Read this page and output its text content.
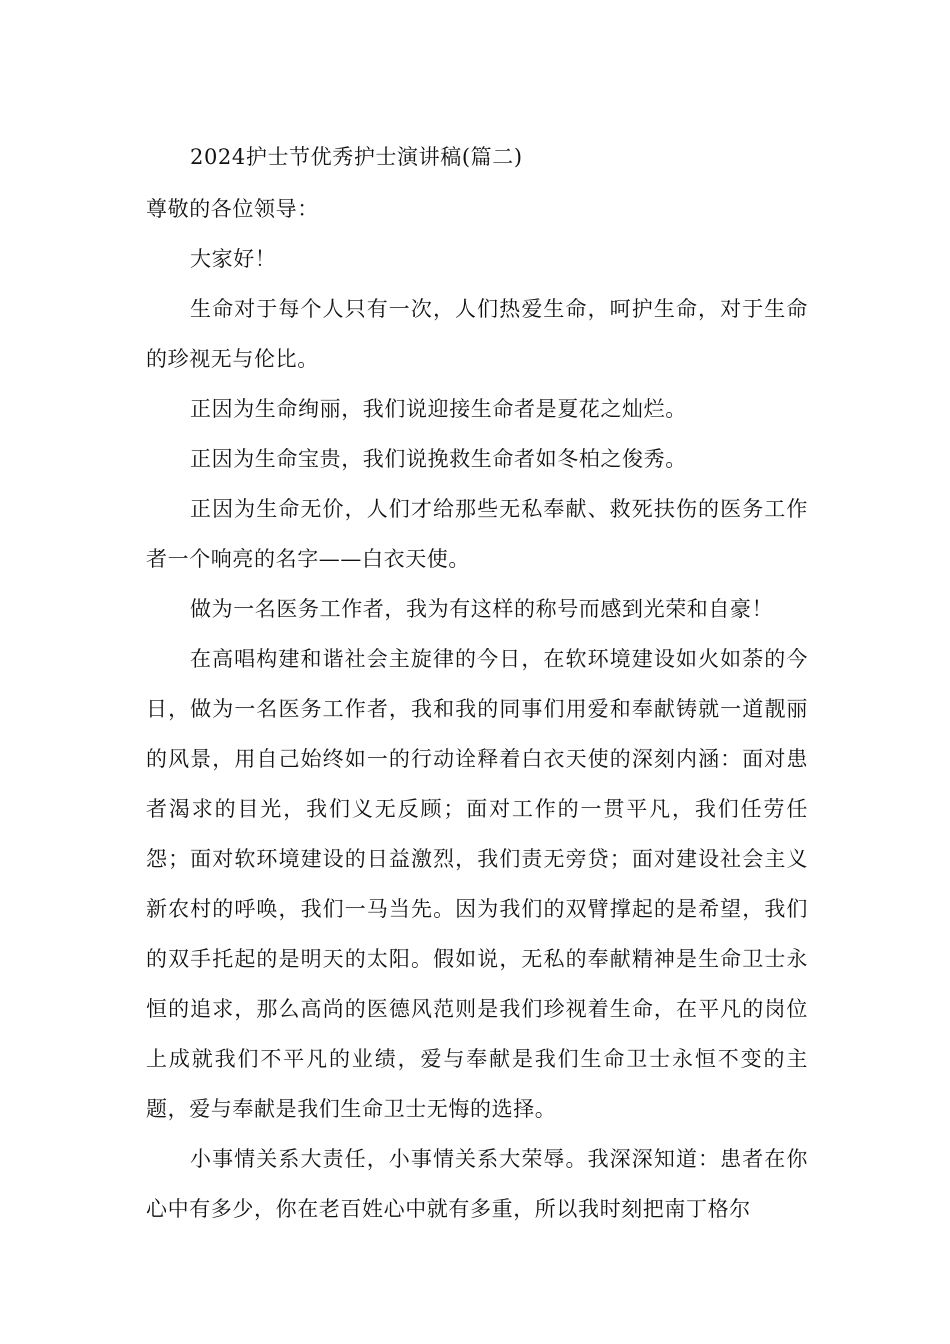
2024护士节优秀护士演讲稿(篇二)

尊敬的各位领导：

大家好！

生命对于每个人只有一次，人们热爱生命，呵护生命，对于生命的珍视无与伦比。

正因为生命绚丽，我们说迎接生命者是夏花之灿烂。

正因为生命宝贵，我们说挽救生命者如冬柏之俊秀。

正因为生命无价，人们才给那些无私奉献、救死扶伤的医务工作者一个响亮的名字——白衣天使。

做为一名医务工作者，我为有这样的称号而感到光荣和自豪！

在高唱构建和谐社会主旋律的今日，在软环境建设如火如荼的今日，做为一名医务工作者，我和我的同事们用爱和奉献铸就一道靓丽的风景，用自己始终如一的行动诠释着白衣天使的深刻内涵：面对患者渴求的目光，我们义无反顾；面对工作的一贯平凡，我们任劳任怨；面对软环境建设的日益激烈，我们责无旁贷；面对建设社会主义新农村的呼唤，我们一马当先。因为我们的双臂撑起的是希望，我们的双手托起的是明天的太阳。假如说，无私的奉献精神是生命卫士永恒的追求，那么高尚的医德风范则是我们珍视着生命，在平凡的岗位上成就我们不平凡的业绩，爱与奉献是我们生命卫士永恒不变的主题，爱与奉献是我们生命卫士无悔的选择。

小事情关系大责任，小事情关系大荣辱。我深深知道：患者在你心中有多少，你在老百姓心中就有多重，所以我时刻把南丁格尔
